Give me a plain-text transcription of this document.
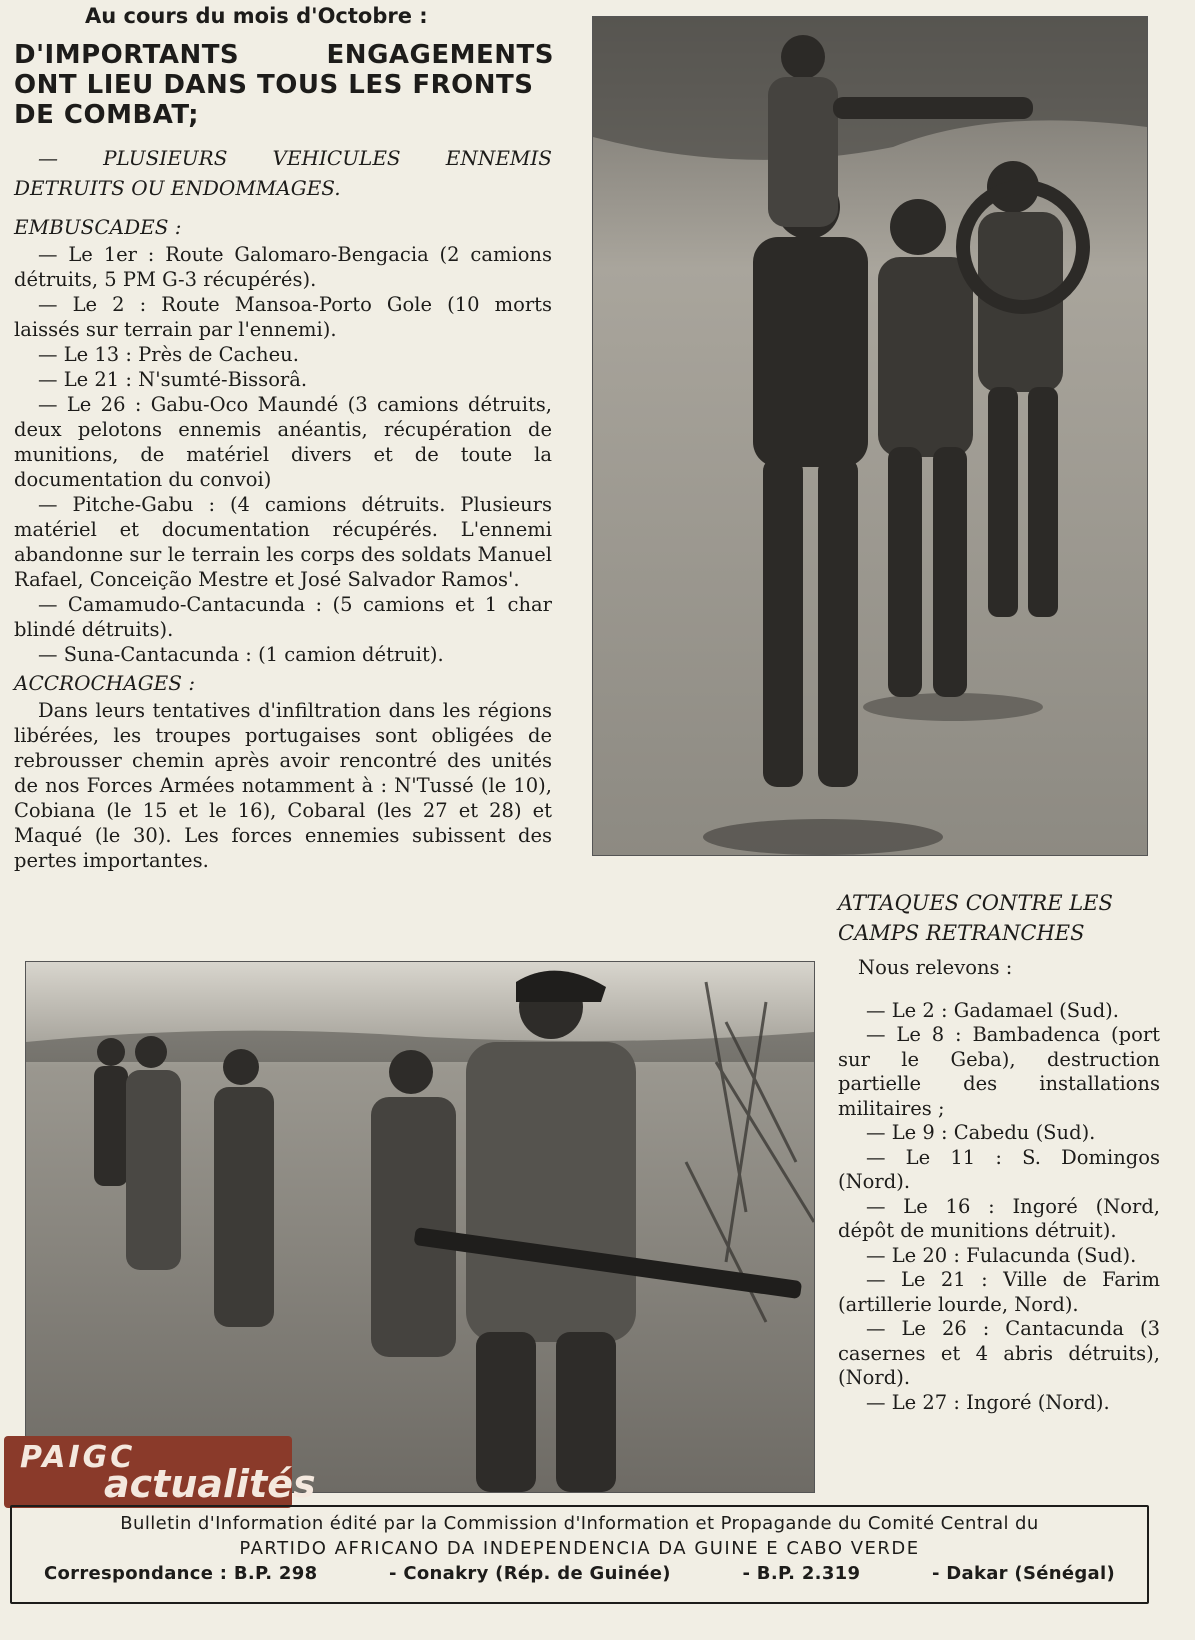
Au cours du mois d'Octobre :
D'IMPORTANTS	ENGAGEMENTS
ONT LIEU DANS TOUS LES FRONTS
DE COMBAT;

— PLUSIEURS VEHICULES ENNEMIS DETRUITS OU ENDOMMAGES.

EMBUSCADES :

— Le 1er : Route Galomaro-Bengacia (2 camions détruits, 5 PM G-3 récupérés).

— Le 2 : Route Mansoa-Porto Gole (10 morts laissés sur terrain par l'ennemi).

— Le 13 : Près de Cacheu.

— Le 21 : N'sumté-Bissorâ.

— Le 26 : Gabu-Oco Maundé (3 camions détruits, deux pelotons ennemis anéantis, récupération de munitions, de matériel divers et de toute la documentation du convoi)

— Pitche-Gabu : (4 camions détruits. Plusieurs matériel et documentation récupérés. L'ennemi abandonne sur le terrain les corps des soldats Manuel Rafael, Conceição Mestre et José Salvador Ramos'.

— Camamudo-Cantacunda : (5 camions et 1 char blindé détruits).

— Suna-Cantacunda : (1 camion détruit).

ACCROCHAGES :

Dans leurs tentatives d'infiltration dans les régions libérées, les troupes portugaises sont obligées de rebrousser chemin après avoir rencontré des unités de nos Forces Armées notamment à : N'Tussé (le 10), Cobiana (le 15 et le 16), Cobaral (les 27 et 28) et Maqué (le 30). Les forces ennemies subissent des pertes importantes.

ATTAQUES CONTRE LES
CAMPS RETRANCHES
Nous relevons :

— Le 2 : Gadamael (Sud).

— Le 8 : Bambadenca (port sur le Geba), destruction partielle des installations militaires ;

— Le 9 : Cabedu (Sud).

— Le 11 : S. Domingos (Nord).

— Le 16 : Ingoré (Nord, dépôt de munitions détruit).

— Le 20 : Fulacunda (Sud).

— Le 21 : Ville de Farim (artillerie lourde, Nord).

— Le 26 : Cantacunda (3 casernes et 4 abris détruits), (Nord).

— Le 27 : Ingoré (Nord).

PAIGC
actualités
Bulletin d'Information édité par la Commission d'Information et Propagande du Comité Central du
PARTIDO AFRICANO DA INDEPENDENCIA DA GUINE E CABO VERDE
Correspondance : B.P. 298	- Conakry (Rép. de Guinée)	- B.P. 2.319	- Dakar (Sénégal)
